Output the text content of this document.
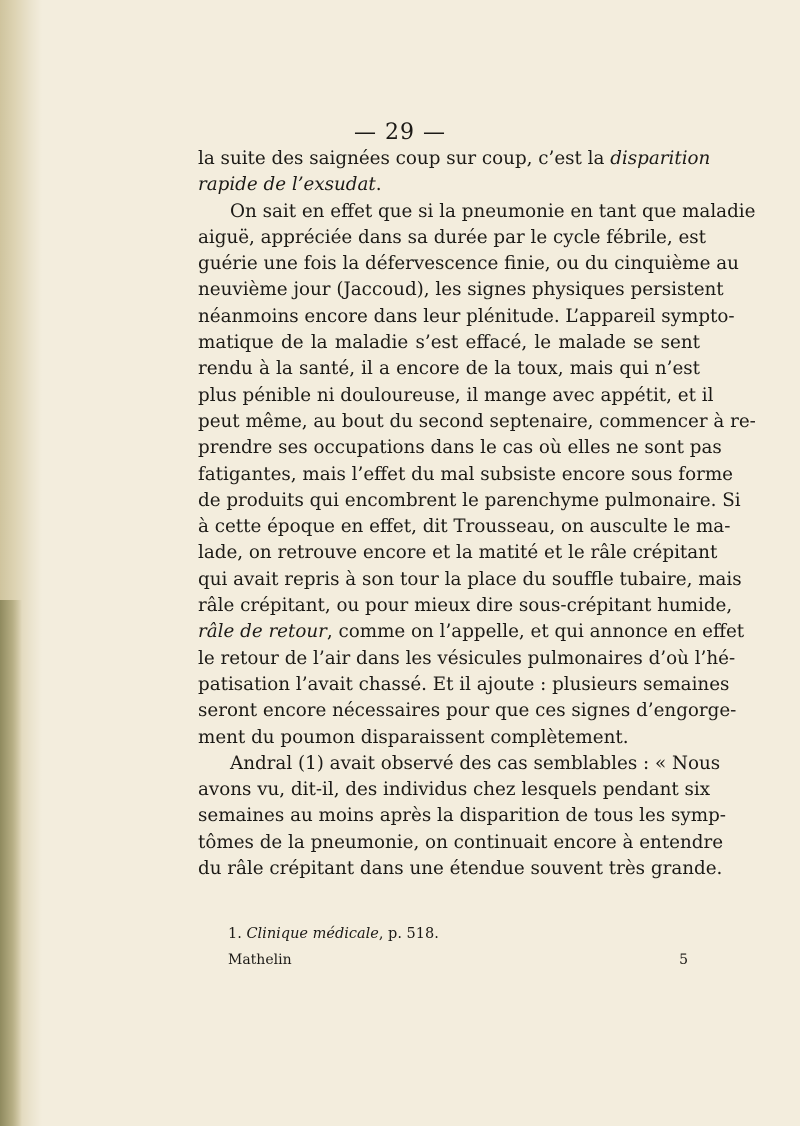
— 29 —
la suite des saignées coup sur coup, c’est la disparition
rapide de l’exsudat.
On sait en effet que si la pneumonie en tant que maladie
aiguë, appréciée dans sa durée par le cycle fébrile, est
guérie une fois la défervescence finie, ou du cinquième au
neuvième jour (Jaccoud), les signes physiques persistent
néanmoins encore dans leur plénitude. L’appareil sympto-
matique de la maladie s’est effacé, le malade se sent
rendu à la santé, il a encore de la toux, mais qui n’est
plus pénible ni douloureuse, il mange avec appétit, et il
peut même, au bout du second septenaire, commencer à re-
prendre ses occupations dans le cas où elles ne sont pas
fatigantes, mais l’effet du mal subsiste encore sous forme
de produits qui encombrent le parenchyme pulmonaire. Si
à cette époque en effet, dit Trousseau, on ausculte le ma-
lade, on retrouve encore et la matité et le râle crépitant
qui avait repris à son tour la place du souffle tubaire, mais
râle crépitant, ou pour mieux dire sous-crépitant humide,
râle de retour, comme on l’appelle, et qui annonce en effet
le retour de l’air dans les vésicules pulmonaires d’où l’hé-
patisation l’avait chassé. Et il ajoute : plusieurs semaines
seront encore nécessaires pour que ces signes d’engorge-
ment du poumon disparaissent complètement.
Andral (1) avait observé des cas semblables : « Nous
avons vu, dit-il, des individus chez lesquels pendant six
semaines au moins après la disparition de tous les symp-
tômes de la pneumonie, on continuait encore à entendre
du râle crépitant dans une étendue souvent très grande.
1. Clinique médicale, p. 518.
Mathelin	5
